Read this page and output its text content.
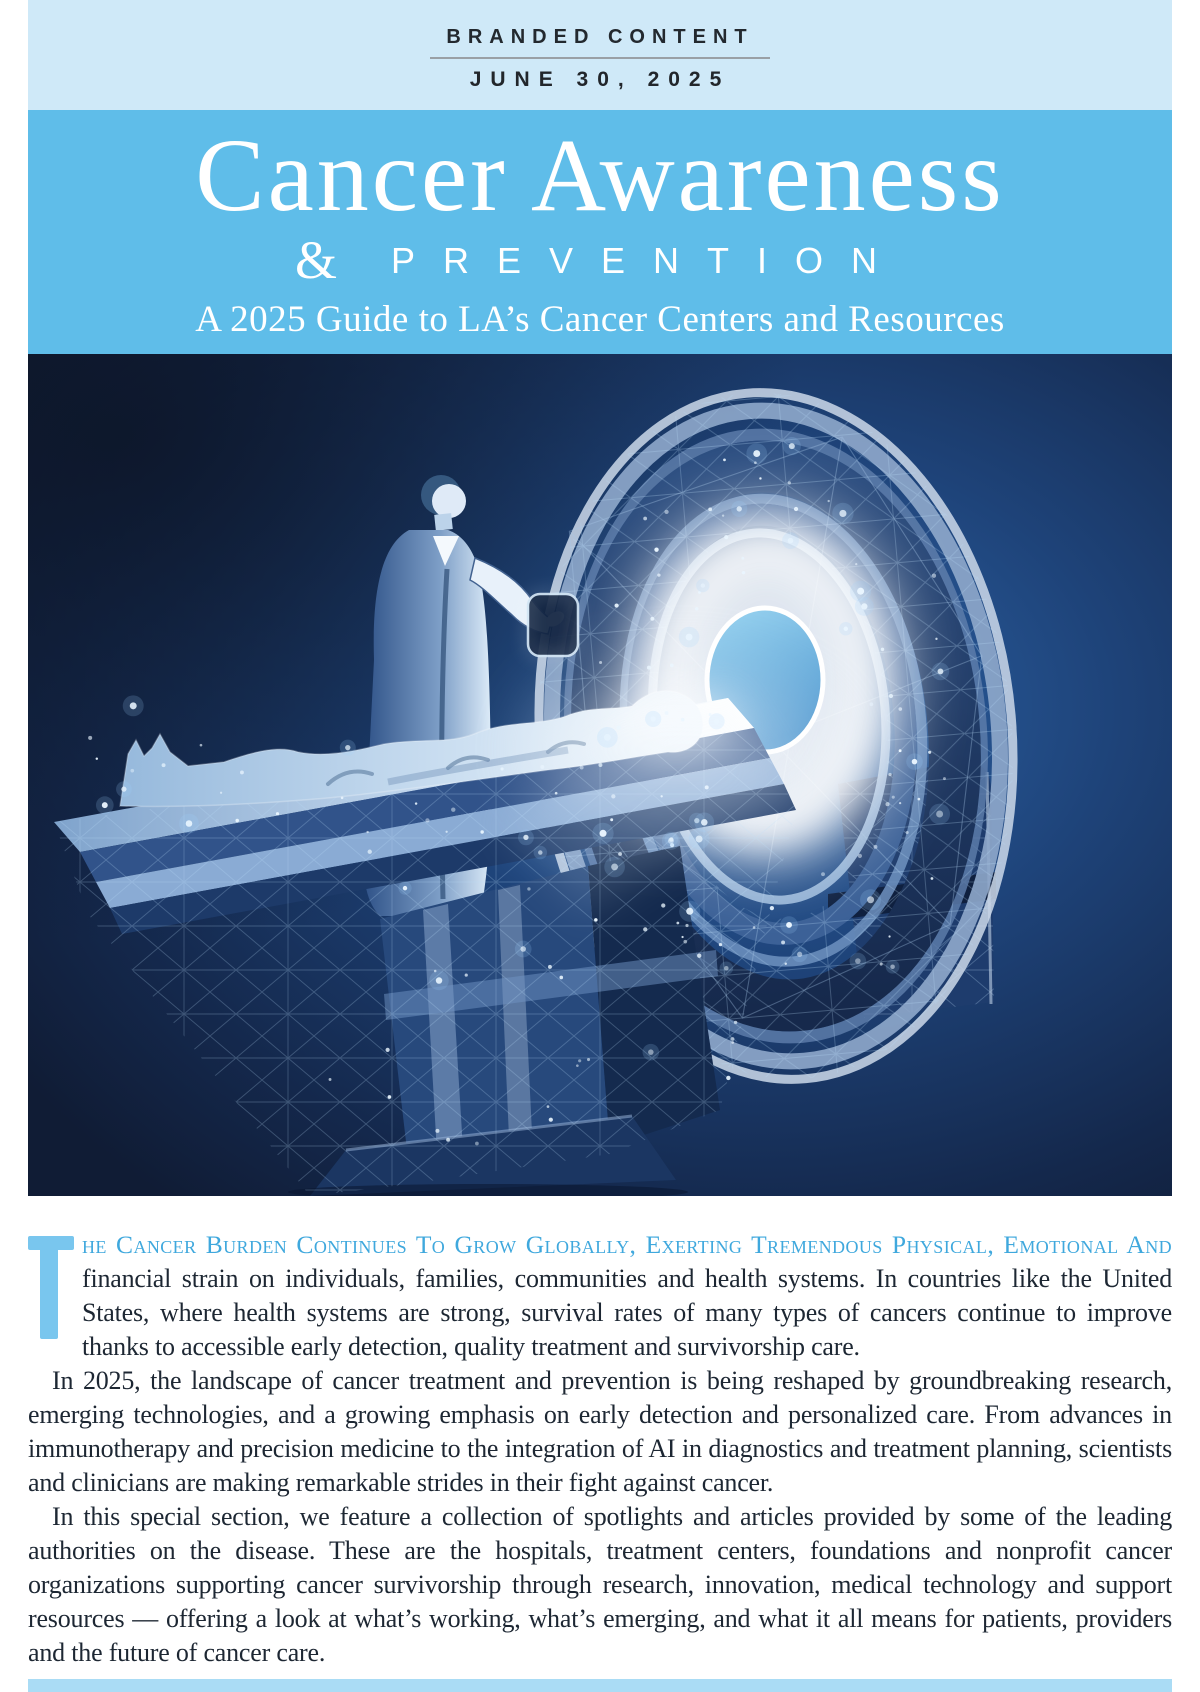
BRANDED CONTENT
JUNE 30, 2025
Cancer Awareness
&	PREVENTION
A 2025 Guide to LA’s Cancer Centers and Resources

he Cancer Burden Continues To Grow Globally, Exerting Tremendous Physical, Emotional And financial strain on individuals, families, communities and health systems. In countries like the United States, where health systems are strong, survival rates of many types of cancers continue to improve thanks to accessible early detection, quality treatment and survivorship care.

In 2025, the landscape of cancer treatment and prevention is being reshaped by groundbreaking research, emerging technologies, and a growing emphasis on early detection and personalized care. From advances in immunotherapy and precision medicine to the integration of AI in diagnostics and treatment planning, scientists and clinicians are making remarkable strides in their fight against cancer.

In this special section, we feature a collection of spotlights and articles provided by some of the leading authorities on the disease. These are the hospitals, treatment centers, foundations and nonprofit cancer organizations supporting cancer survivorship through research, innovation, medical technology and support resources — offering a look at what’s working, what’s emerging, and what it all means for patients, providers and the future of cancer care.
